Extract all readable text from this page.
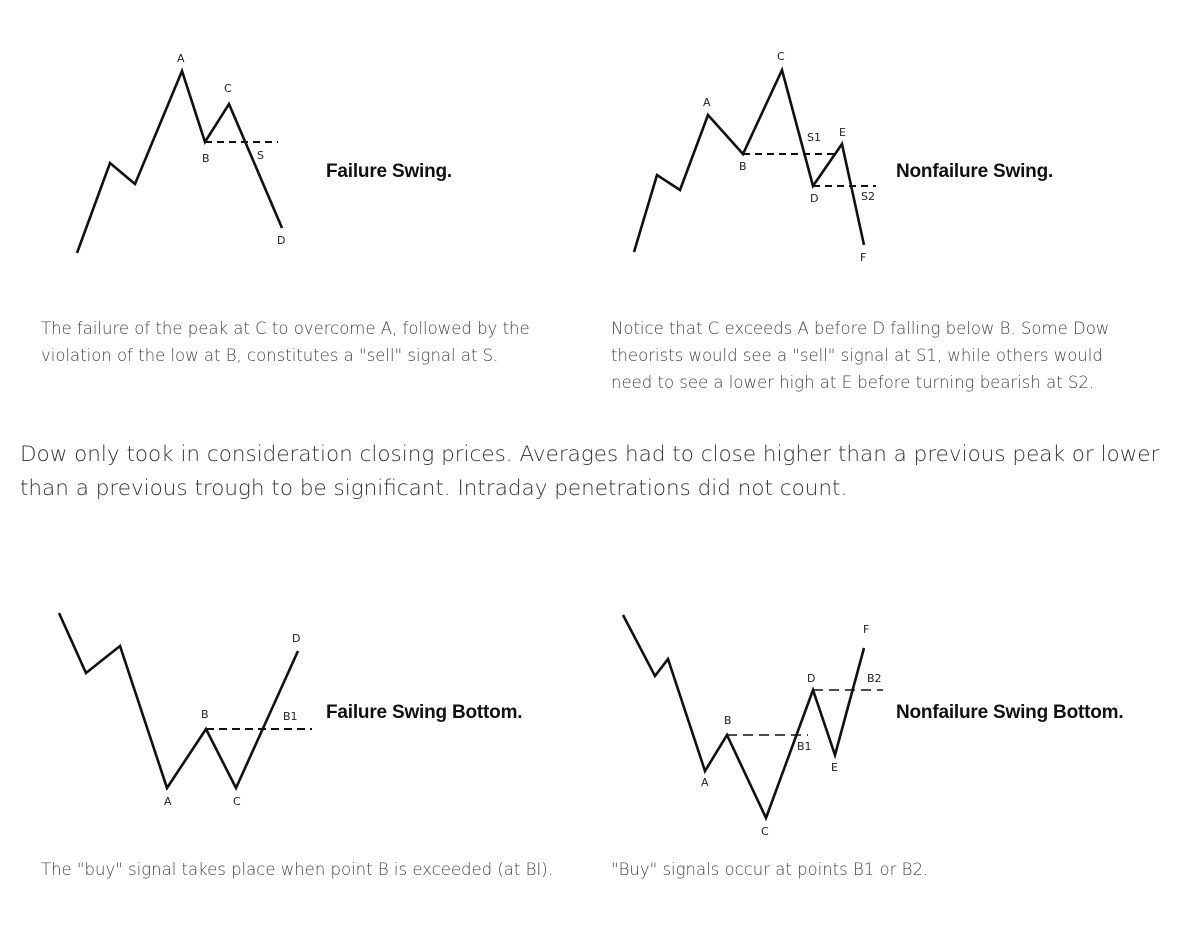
A
B
C
S
D
A
B
C
S1 E
D	S2
F
D
B	B1
A	C
F
D	B2
B
B1
E
A
C
Failure Swing.	Nonfailure Swing.
Failure Swing Bottom.	Nonfailure Swing Bottom.
The failure of the peak at C to overcome A, followed by the violation of the low at B, constitutes a "sell" signal at S.
Notice that C exceeds A before D falling below B. Some Dow theorists would see a "sell" signal at S1, while others would need to see a lower high at E before turning bearish at S2.
The "buy" signal takes place when point B is exceeded (at BI).	"Buy" signals occur at points B1 or B2.
Dow only took in consideration closing prices. Averages had to close higher than a previous peak or lower than a previous trough to be significant. Intraday penetrations did not count.
